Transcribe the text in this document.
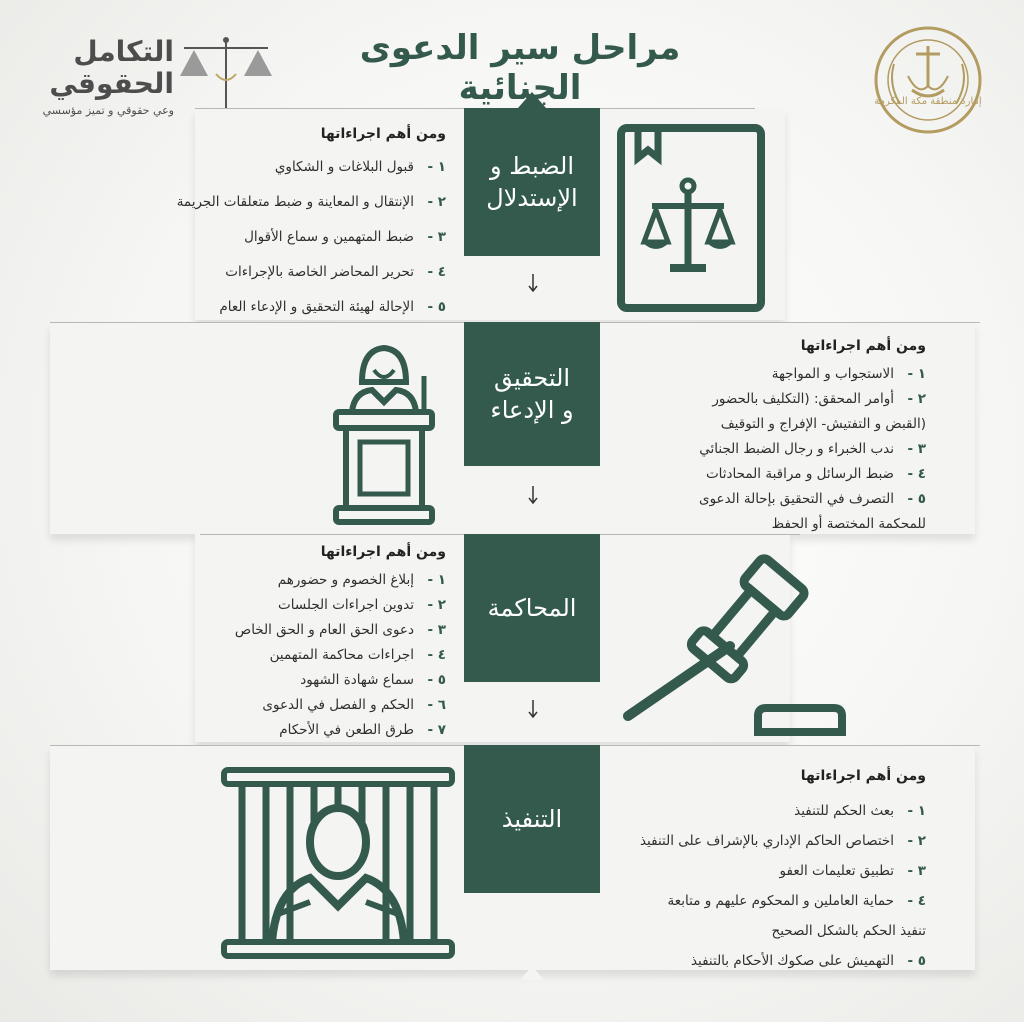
مراحل سير الدعوى الجنائية
التكامل
الحقوقي
وعي حقوقي و تميز مؤسسي
إمارة منطقة مكة المكرمة
الضبط و
الإستدلال
التحقيق
و الإدعاء
المحاكمة
التنفيذ
ومن أهم اجراءاتها
١ -قبول البلاغات و الشكاوي
٢ -الإنتقال و المعاينة و ضبط متعلقات الجريمة
٣ -ضبط المتهمين و سماع الأقوال
٤ -تحرير المحاضر الخاصة بالإجراءات
٥ -الإحالة لهيئة التحقيق و الإدعاء العام
ومن أهم اجراءاتها
١ -الاستجواب و المواجهة
٢ -أوامر المحقق: (التكليف بالحضور
(القبض و التفتيش- الإفراج و التوقيف
٣ -ندب الخبراء و رجال الضبط الجنائي
٤ -ضبط الرسائل و مراقبة المحادثات
٥ -التصرف في التحقيق بإحالة الدعوى
للمحكمة المختصة أو الحفظ
ومن أهم اجراءاتها
١ -إبلاغ الخصوم و حضورهم
٢ -تدوين اجراءات الجلسات
٣ -دعوى الحق العام و الحق الخاص
٤ -اجراءات محاكمة المتهمين
٥ -سماع شهادة الشهود
٦ -الحكم و الفصل في الدعوى
٧ -طرق الطعن في الأحكام
ومن أهم اجراءاتها
١ -بعث الحكم للتنفيذ
٢ -اختصاص الحاكم الإداري بالإشراف على التنفيذ
٣ -تطبيق تعليمات العفو
٤ -حماية العاملين و المحكوم عليهم و متابعة
تنفيذ الحكم بالشكل الصحيح
٥ -التهميش على صكوك الأحكام بالتنفيذ
